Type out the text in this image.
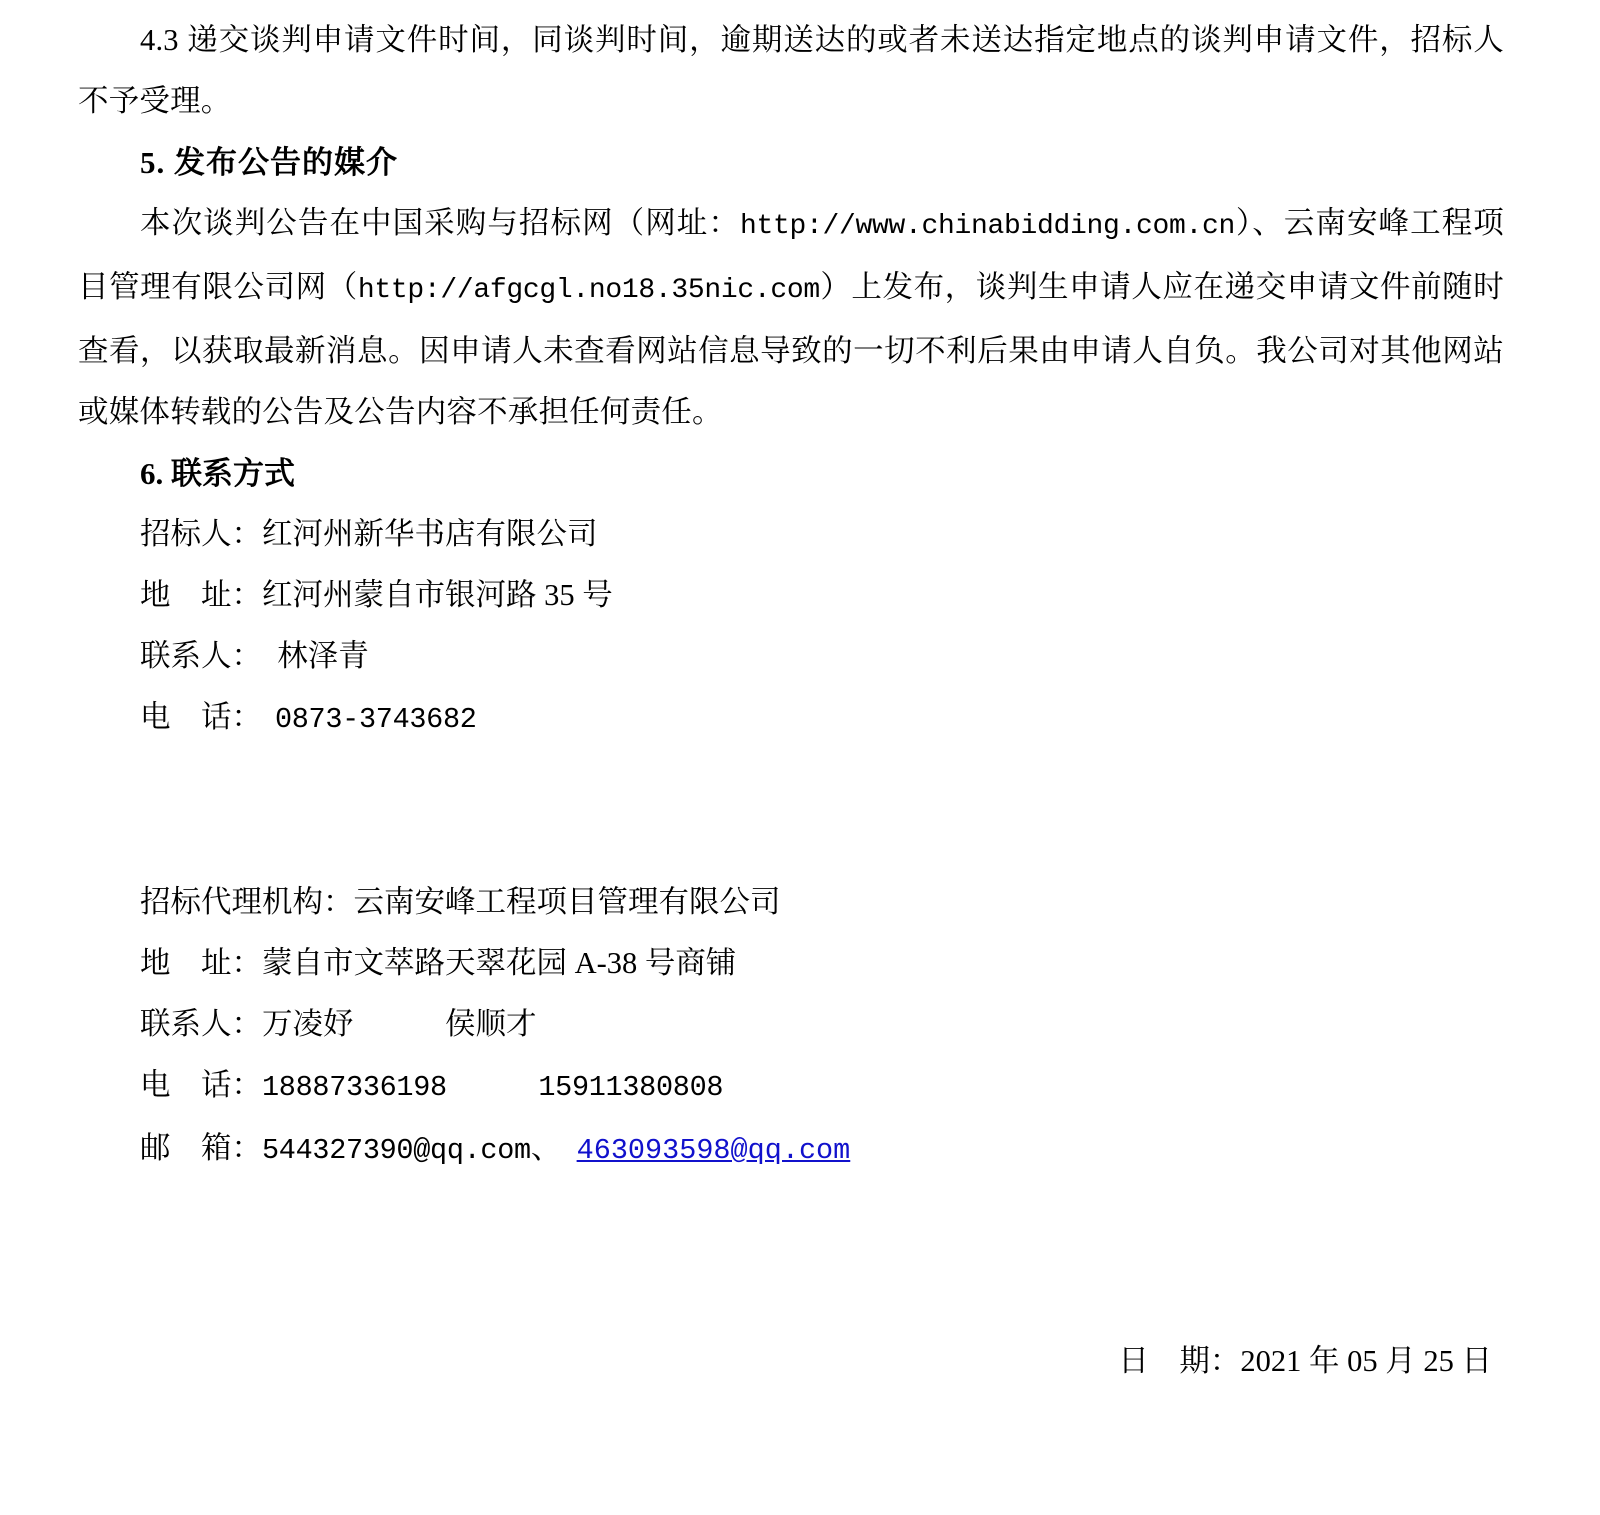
4.3 递交谈判申请文件时间，同谈判时间，逾期送达的或者未送达指定地点的谈判申请文件，招标人不予受理。

5. 发布公告的媒介

本次谈判公告在中国采购与招标网（网址：http://www.chinabidding.com.cn）、云南安峰工程项目管理有限公司网（http://afgcgl.no18.35nic.com）上发布，谈判生申请人应在递交申请文件前随时查看，以获取最新消息。因申请人未查看网站信息导致的一切不利后果由申请人自负。我公司对其他网站或媒体转载的公告及公告内容不承担任何责任。

6. 联系方式

招标人：红河州新华书店有限公司

地　址：红河州蒙自市银河路 35 号

联系人：　林泽青

电　话：　0873-3743682

招标代理机构：云南安峰工程项目管理有限公司

地　址：蒙自市文萃路天翠花园 A-38 号商铺

联系人：万凌妤　　　	侯顺才

电　话：18887336198　　　	15911380808

邮　箱：544327390@qq.com、　 463093598@qq.com

日　期：2021 年 05 月 25 日
